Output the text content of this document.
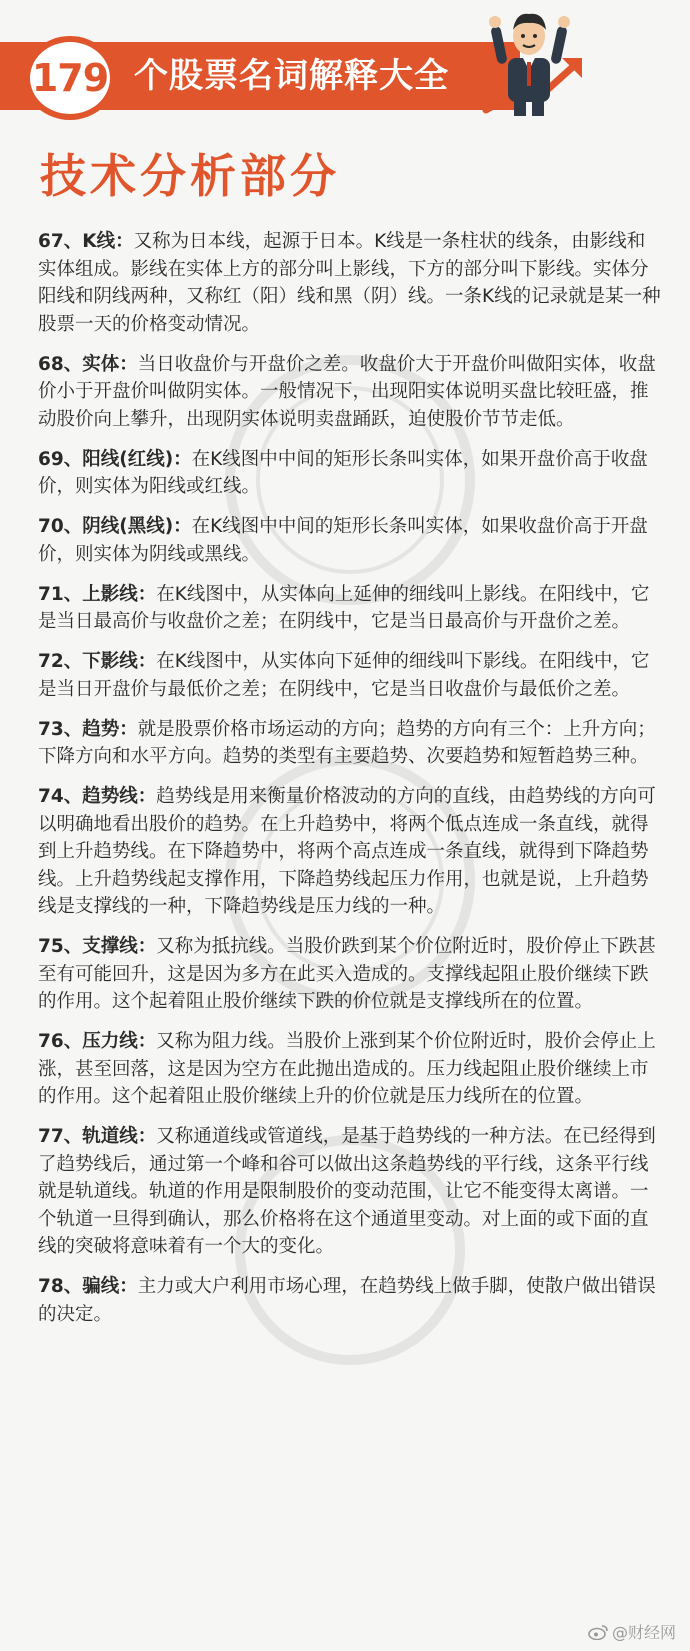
179 个股票名词解释大全
技术分析部分

67、K线：又称为日本线，起源于日本。K线是一条柱状的线条，由影线和实体组成。影线在实体上方的部分叫上影线，下方的部分叫下影线。实体分阳线和阴线两种，又称红（阳）线和黑（阴）线。一条K线的记录就是某一种股票一天的价格变动情况。

68、实体：当日收盘价与开盘价之差。收盘价大于开盘价叫做阳实体，收盘价小于开盘价叫做阴实体。一般情况下，出现阳实体说明买盘比较旺盛，推动股价向上攀升，出现阴实体说明卖盘踊跃，迫使股价节节走低。

69、阳线(红线)：在K线图中中间的矩形长条叫实体，如果开盘价高于收盘价，则实体为阳线或红线。

70、阴线(黑线)：在K线图中中间的矩形长条叫实体，如果收盘价高于开盘价，则实体为阴线或黑线。

71、上影线：在K线图中，从实体向上延伸的细线叫上影线。在阳线中，它是当日最高价与收盘价之差；在阴线中，它是当日最高价与开盘价之差。

72、下影线：在K线图中，从实体向下延伸的细线叫下影线。在阳线中，它是当日开盘价与最低价之差；在阴线中，它是当日收盘价与最低价之差。

73、趋势：就是股票价格市场运动的方向；趋势的方向有三个：上升方向；下降方向和水平方向。趋势的类型有主要趋势、次要趋势和短暂趋势三种。

74、趋势线：趋势线是用来衡量价格波动的方向的直线，由趋势线的方向可以明确地看出股价的趋势。在上升趋势中，将两个低点连成一条直线，就得到上升趋势线。在下降趋势中，将两个高点连成一条直线，就得到下降趋势线。上升趋势线起支撑作用，下降趋势线起压力作用，也就是说，上升趋势线是支撑线的一种，下降趋势线是压力线的一种。

75、支撑线：又称为抵抗线。当股价跌到某个价位附近时，股价停止下跌甚至有可能回升，这是因为多方在此买入造成的。支撑线起阻止股价继续下跌的作用。这个起着阻止股价继续下跌的价位就是支撑线所在的位置。

76、压力线：又称为阻力线。当股价上涨到某个价位附近时，股价会停止上涨，甚至回落，这是因为空方在此抛出造成的。压力线起阻止股价继续上市的作用。这个起着阻止股价继续上升的价位就是压力线所在的位置。

77、轨道线：又称通道线或管道线，是基于趋势线的一种方法。在已经得到了趋势线后，通过第一个峰和谷可以做出这条趋势线的平行线，这条平行线就是轨道线。轨道的作用是限制股价的变动范围，让它不能变得太离谱。一个轨道一旦得到确认，那么价格将在这个通道里变动。对上面的或下面的直线的突破将意味着有一个大的变化。

78、骗线：主力或大户利用市场心理，在趋势线上做手脚，使散户做出错误的决定。

@财经网
